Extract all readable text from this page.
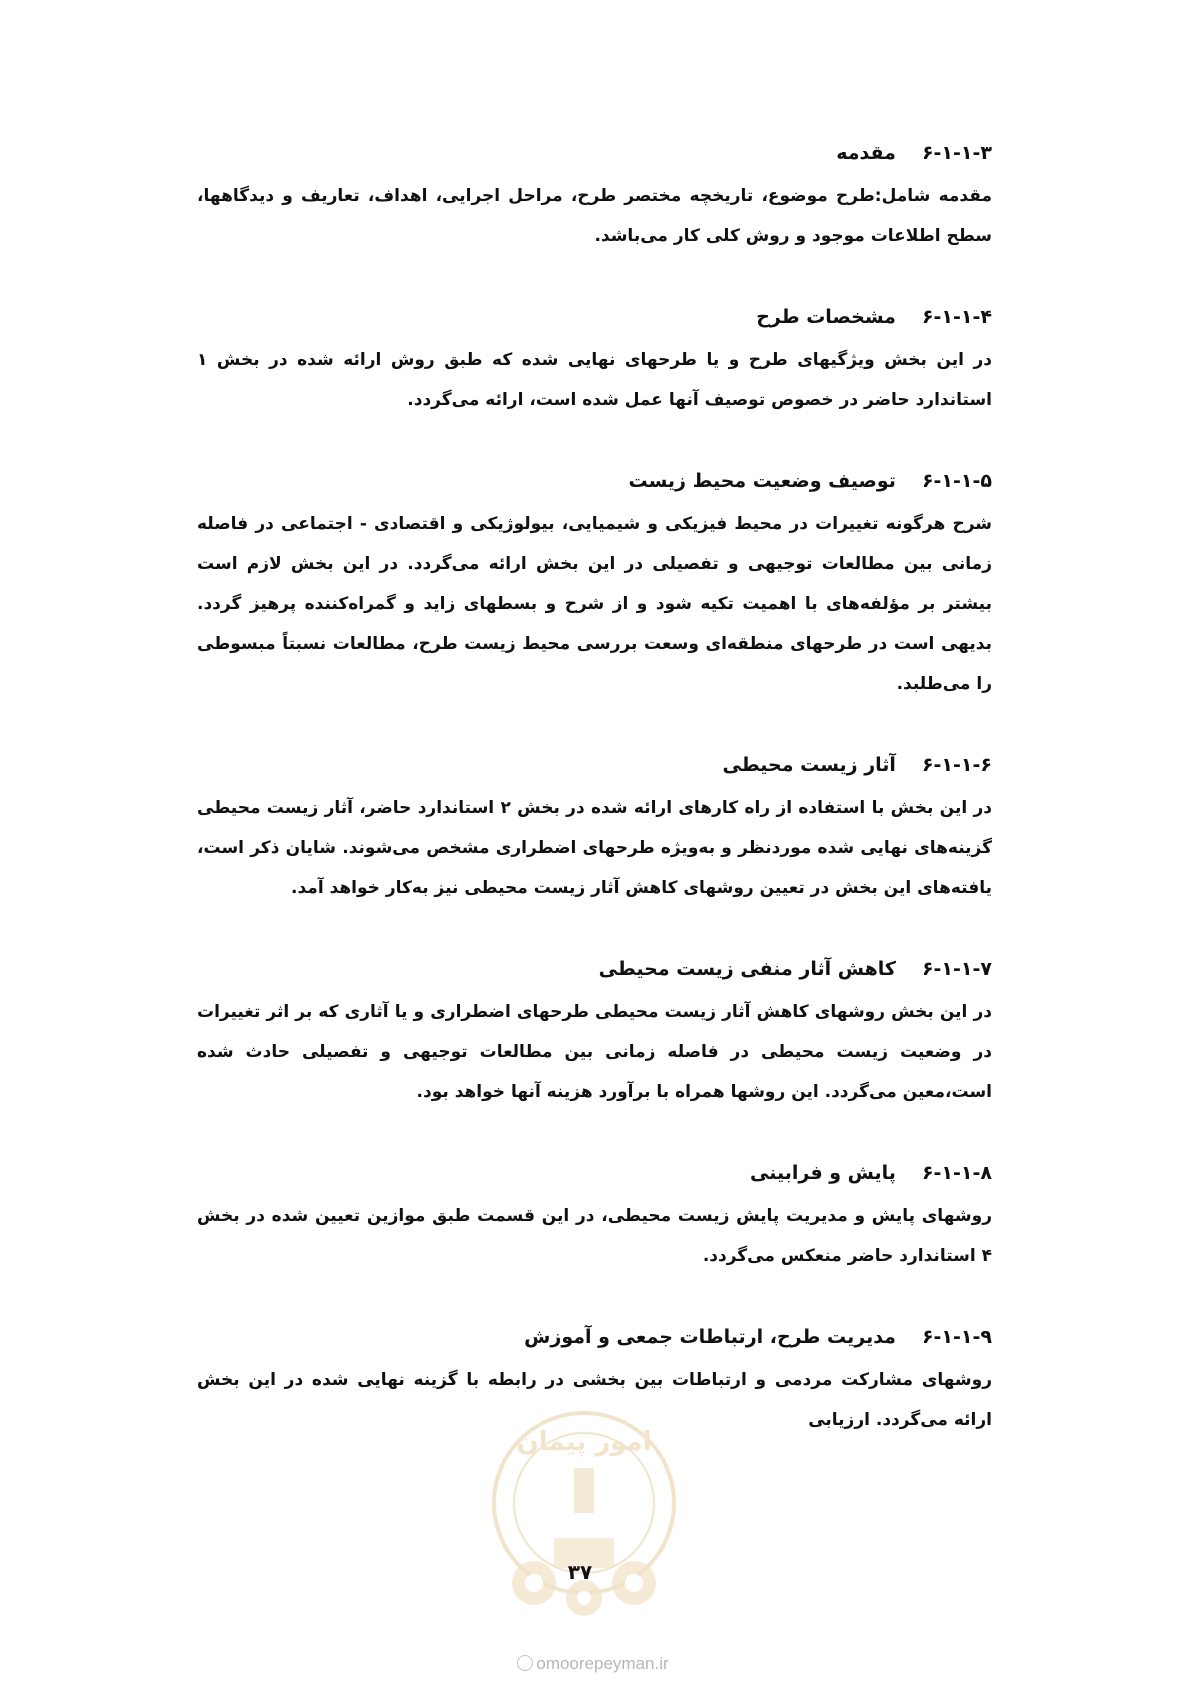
۶-۱-۱-۳
مقدمه
مقدمه شامل:طرح موضوع، تاریخچه مختصر طرح، مراحل اجرایی، اهداف، تعاریف و دیدگاهها، سطح اطلاعات موجود و روش کلی کار می‌باشد.
۶-۱-۱-۴
مشخصات طرح
در این بخش ویژگیهای طرح و یا طرحهای نهایی شده که طبق روش ارائه شده در بخش ۱ استاندارد حاضر در خصوص توصیف آنها عمل شده است، ارائه می‌گردد.
۶-۱-۱-۵
توصیف وضعیت محیط زیست
شرح هرگونه تغییرات در محیط فیزیکی و شیمیایی، بیولوژیکی و اقتصادی - اجتماعی در فاصله زمانی بین مطالعات توجیهی و تفصیلی در این بخش ارائه می‌گردد. در این بخش لازم است بیشتر بر مؤلفه‌های با اهمیت تکیه شود و از شرح و بسطهای زاید و گمراه‌کننده پرهیز گردد. بدیهی است در طرحهای منطقه‌ای وسعت بررسی محیط زیست طرح، مطالعات نسبتاً مبسوطی را می‌طلبد.
۶-۱-۱-۶
آثار زیست محیطی
در این بخش با استفاده از راه کارهای ارائه شده در بخش ۲ استاندارد حاضر، آثار زیست محیطی گزینه‌های نهایی شده موردنظر و به‌ویژه طرحهای اضطراری مشخص می‌شوند. شایان ذکر است، یافته‌های این بخش در تعیین روشهای کاهش آثار زیست محیطی نیز به‌کار خواهد آمد.
۶-۱-۱-۷
کاهش آثار منفی زیست محیطی
در این بخش روشهای کاهش آثار زیست محیطی طرحهای اضطراری و یا آثاری که بر اثر تغییرات در وضعیت زیست محیطی در فاصله زمانی بین مطالعات توجیهی و تفصیلی حادث شده است،معین می‌گردد. این روشها همراه با برآورد هزینه آنها خواهد بود.
۶-۱-۱-۸
پایش و فرابینی
روشهای پایش و مدیریت پایش زیست محیطی، در این قسمت طبق موازین تعیین شده در بخش ۴ استاندارد حاضر منعکس می‌گردد.
۶-۱-۱-۹
مدیریت طرح، ارتباطات جمعی و آموزش
روشهای مشارکت مردمی و ارتباطات بین بخشی در رابطه با گزینه نهایی شده در این بخش ارائه می‌گردد. ارزیابی
امور پیمان
۳۷
omoorepeyman.ir
